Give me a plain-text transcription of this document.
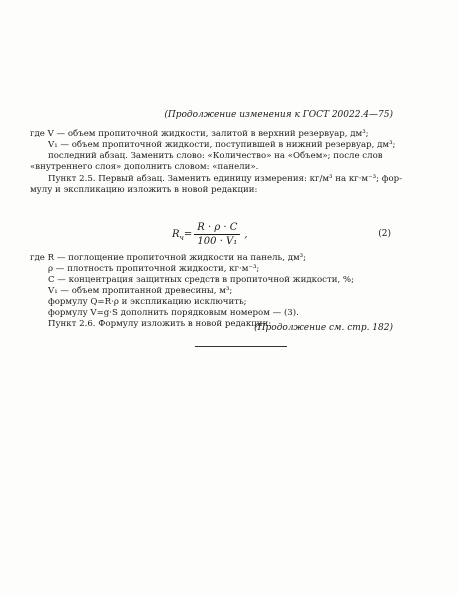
(Продолжение изменения к ГОСТ 20022.4—75)
где V — объем пропиточной жидкости, залитой в верхний резервуар, дм³;
V₁ — объем пропиточной жидкости, поступившей в нижний резервуар, дм³;
последний абзац. Заменить слово: «Количество» на «Объем»; после слов
«внутреннего слоя» дополнить словом: «панели».
Пункт 2.5. Первый абзац. Заменить единицу измерения: кг/м³ на кг·м⁻³; фор-
мулу и экспликацию изложить в новой редакции:
$R_ч= \frac{R \cdot \rho \cdot C}{\text{100 · V₁}}$ ,	(2)
где R — поглощение пропиточной жидкости на панель, дм³;
ρ — плотность пропиточной жидкости, кг·м⁻³;
C — концентрация защитных средств в пропиточной жидкости, %;
V₁ — объем пропитанной древесины, м³;
формулу Q=R·ρ и экспликацию исключить;
формулу V=g·S дополнить порядковым номером — (3).
Пункт 2.6. Формулу изложить в новой редакции:
(Продолжение см. стр. 182)
